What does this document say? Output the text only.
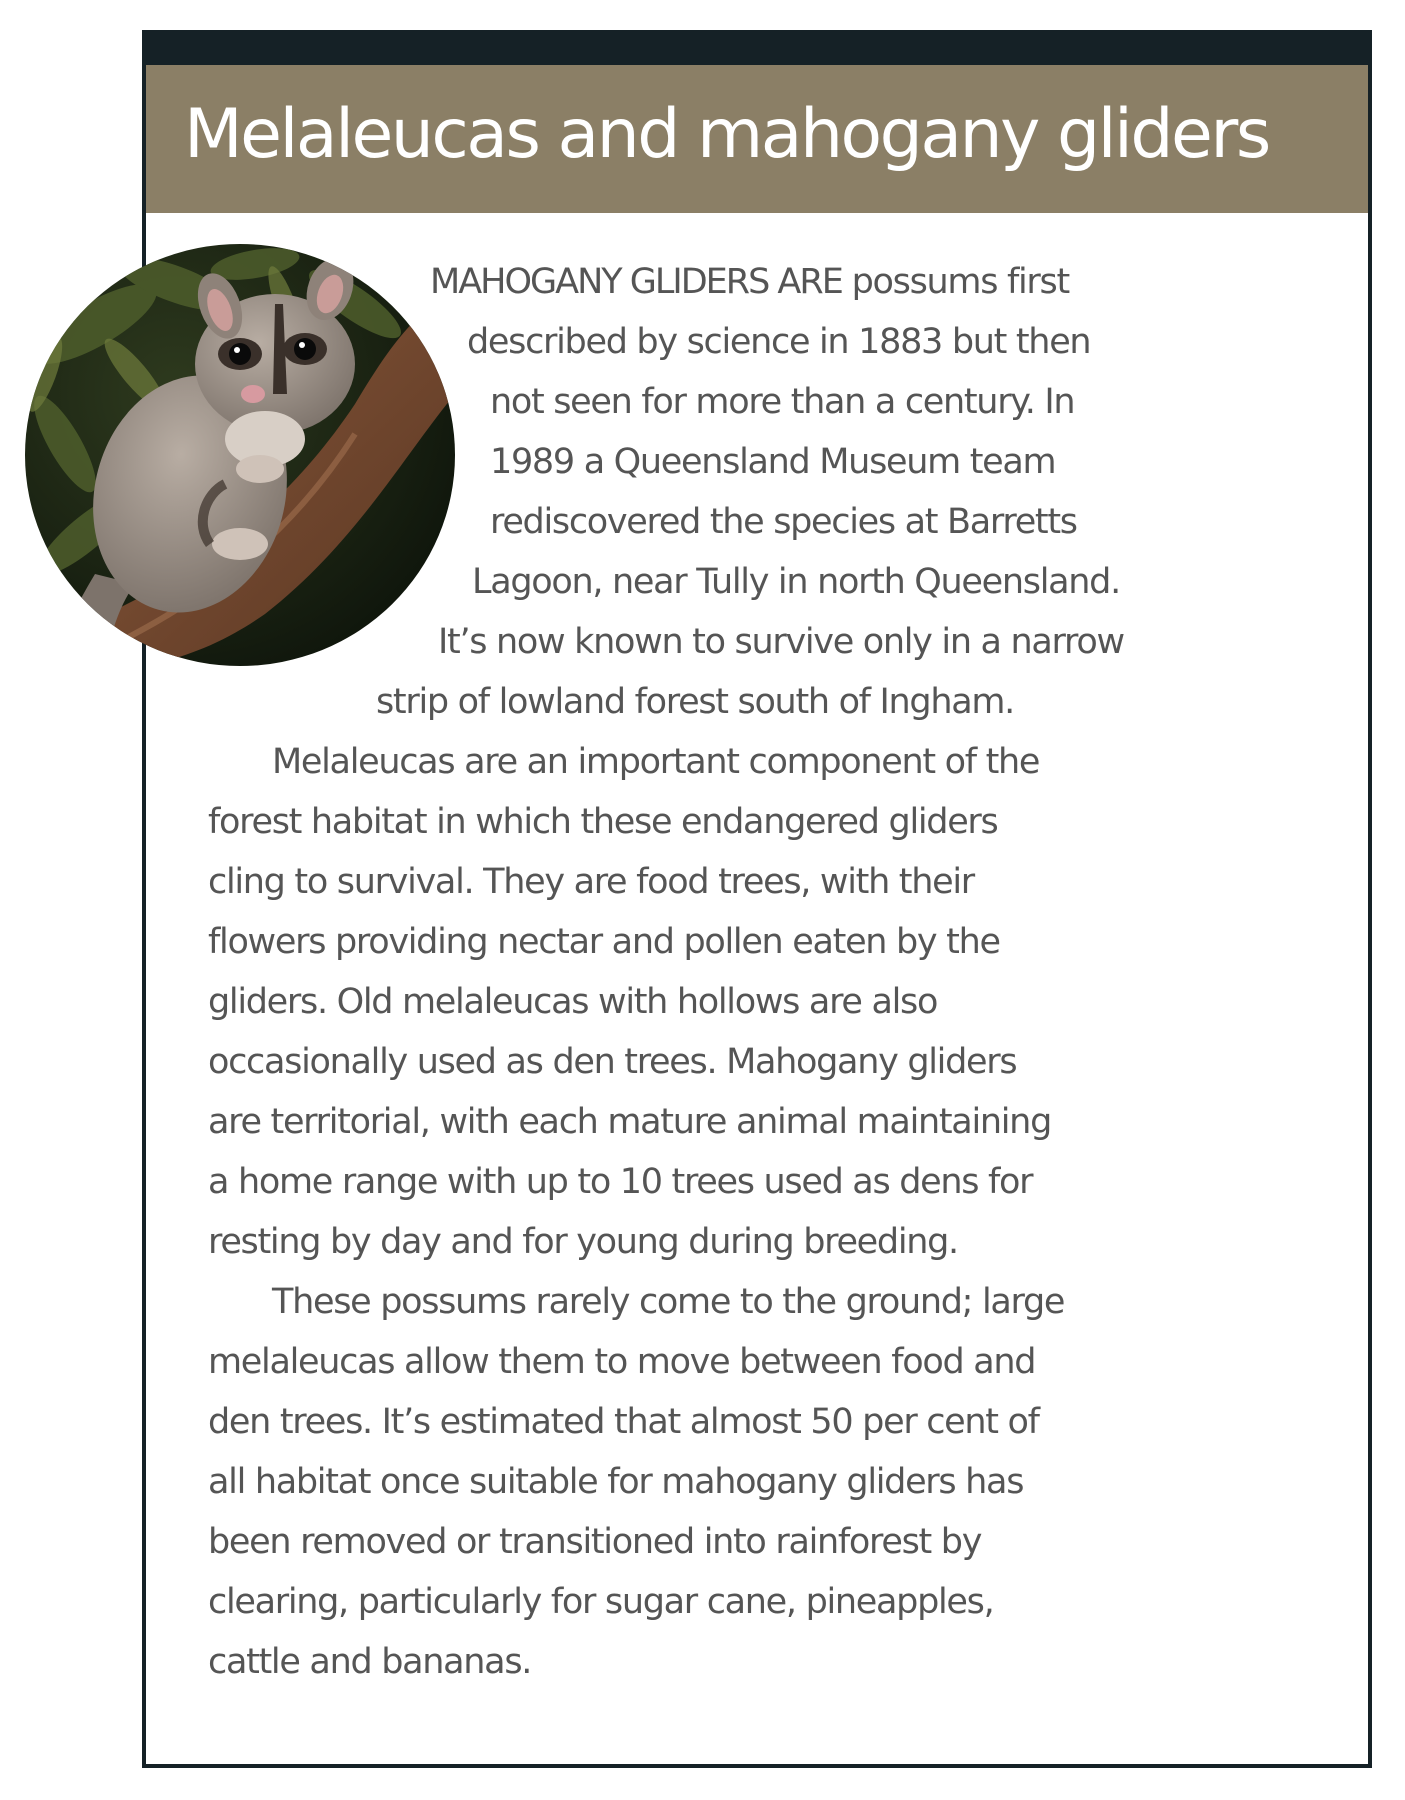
Melaleucas and mahogany gliders
MAHOGANY GLIDERS ARE possums first
described by science in 1883 but then
not seen for more than a century. In
1989 a Queensland Museum team
rediscovered the species at Barretts
Lagoon, near Tully in north Queensland.
It’s now known to survive only in a narrow
strip of lowland forest south of Ingham.
Melaleucas are an important component of the
forest habitat in which these endangered gliders
cling to survival. They are food trees, with their
flowers providing nectar and pollen eaten by the
gliders. Old melaleucas with hollows are also
occasionally used as den trees. Mahogany gliders
are territorial, with each mature animal maintaining
a home range with up to 10 trees used as dens for
resting by day and for young during breeding.
These possums rarely come to the ground; large
melaleucas allow them to move between food and
den trees. It’s estimated that almost 50 per cent of
all habitat once suitable for mahogany gliders has
been removed or transitioned into rainforest by
clearing, particularly for sugar cane, pineapples,
cattle and bananas.
